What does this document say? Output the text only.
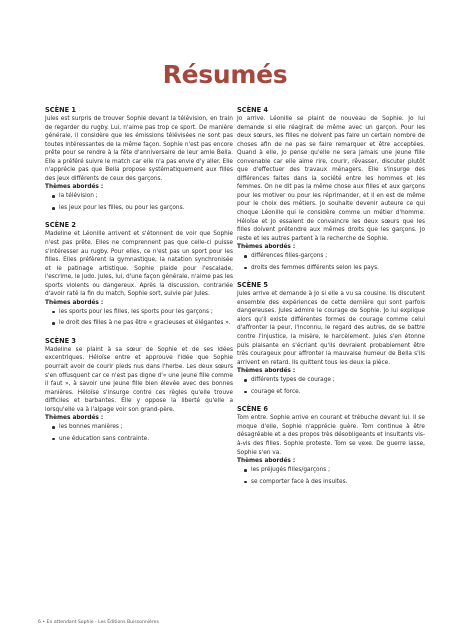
Résumés

SCÈNE 1

Jules est surpris de trouver Sophie devant la télévision, en train de regarder du rugby. Lui, n'aime pas trop ce sport. De manière générale, il considère que les émissions télévisées ne sont pas toutes intéressantes de la même façon. Sophie n'est pas encore prête pour se rendre à la fête d'anniversaire de leur amie Bella. Elle a préféré suivre le match car elle n'a pas envie d'y aller. Elle n'apprécie pas que Bella propose systématiquement aux filles des jeux différents de ceux des garçons.

Thèmes abordés :

la télévision ;
les jeux pour les filles, ou pour les garçons.

SCÈNE 2

Madeline et Léonille arrivent et s'étonnent de voir que Sophie n'est pas prête. Elles ne comprennent pas que celle-ci puisse s'intéresser au rugby. Pour elles, ce n'est pas un sport pour les filles. Elles préfèrent la gymnastique, la natation synchronisée et le patinage artistique. Sophie plaide pour l'escalade, l'escrime, le judo. Jules, lui, d'une façon générale, n'aime pas les sports violents ou dangereux. Après la discussion, contrariée d'avoir raté la fin du match, Sophie sort, suivie par Jules.

Thèmes abordés :

les sports pour les filles, les sports pour les garçons ;
le droit des filles à ne pas être « gracieuses et élégantes ».

SCÈNE 3

Madeline se plaint à sa sœur de Sophie et de ses idées excentriques. Héloïse entre et approuve l'idée que Sophie pourrait avoir de courir pieds nus dans l'herbe. Les deux sœurs s'en offusquent car ce n'est pas digne d'« une jeune fille comme il faut », à savoir une jeune fille bien élevée avec des bonnes manières. Héloïse s'insurge contre ces règles qu'elle trouve difficiles et barbantes. Elle y oppose la liberté qu'elle a lorsqu'elle va à l'alpage voir son grand-père.

Thèmes abordés :

les bonnes manières ;
une éducation sans contrainte.

SCÈNE 4

Jo arrive. Léonille se plaint de nouveau de Sophie. Jo lui demande si elle réagirait de même avec un garçon. Pour les deux sœurs, les filles ne doivent pas faire un certain nombre de choses afin de ne pas se faire remarquer et être acceptées. Quand à elle, Jo pense qu'elle ne sera jamais une jeune fille convenable car elle aime rire, courir, rêvasser, discuter plutôt que d'effectuer des travaux ménagers. Elle s'insurge des différences faites dans la société entre les hommes et les femmes. On ne dit pas la même chose aux filles et aux garçons pour les motiver ou pour les réprimander, et il en est de même pour le choix des métiers. Jo souhaite devenir auteure ce qui choque Léonille qui le considère comme un métier d'homme. Héloïse et Jo essaient de convaincre les deux sœurs que les filles doivent prétendre aux mêmes droits que les garçons. Jo reste et les autres partent à la recherche de Sophie.

Thèmes abordés :

différences filles-garçons ;
droits des femmes différents selon les pays.

SCÈNE 5

Jules arrive et demande à Jo si elle a vu sa cousine. Ils discutent ensemble des expériences de cette dernière qui sont parfois dangereuses. Jules admire le courage de Sophie. Jo lui explique alors qu'il existe différentes formes de courage comme celui d'affronter la peur, l'inconnu, le regard des autres, de se battre contre l'injustice, la misère, le harcèlement. Jules s'en étonne puis plaisante en s'écriant qu'ils devraient probablement être très courageux pour affronter la mauvaise humeur de Bella s'ils arrivent en retard. Ils quittent tous les deux la pièce.

Thèmes abordés :

différents types de courage ;
courage et force.

SCÈNE 6

Tom entre. Sophie arrive en courant et trébuche devant lui. Il se moque d'elle, Sophie n'apprécie guère. Tom continue à être désagréable et a des propos très désobligeants et insultants vis-à-vis des filles. Sophie proteste. Tom se vexe. De guerre lasse, Sophie s'en va.

Thèmes abordés :

les préjugés filles/garçons ;
se comporter face à des insultes.
6 • En attendant Sophie - Les Éditions Buissonnières
